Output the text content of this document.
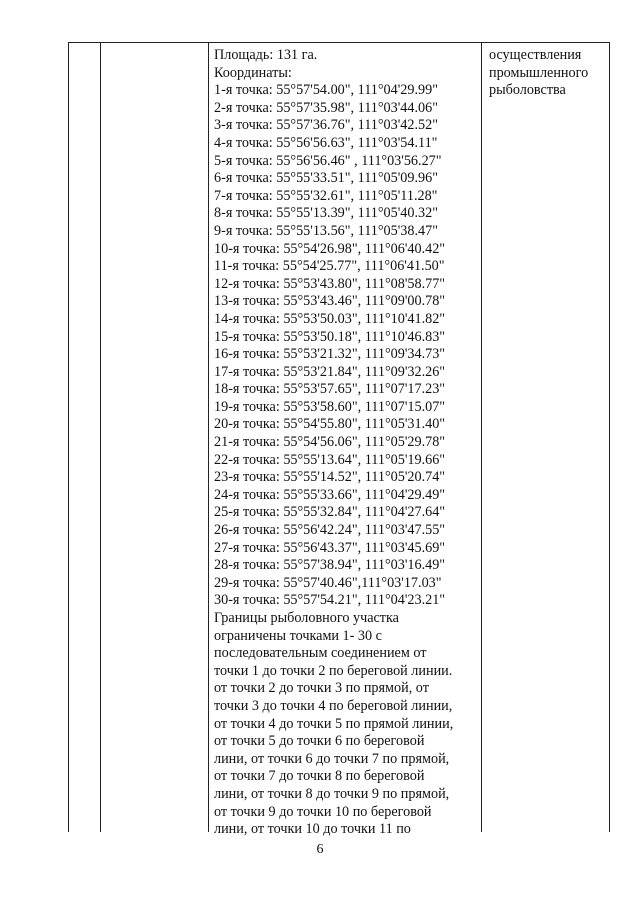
Площадь: 131 га.
Координаты:
1-я точка: 55°57'54.00", 111°04'29.99"
2-я точка: 55°57'35.98", 111°03'44.06"
3-я точка: 55°57'36.76", 111°03'42.52"
4-я точка: 55°56'56.63", 111°03'54.11"
5-я точка: 55°56'56.46" , 111°03'56.27"
6-я точка: 55°55'33.51", 111°05'09.96"
7-я точка: 55°55'32.61", 111°05'11.28"
8-я точка: 55°55'13.39", 111°05'40.32"
9-я точка: 55°55'13.56", 111°05'38.47"
10-я точка: 55°54'26.98", 111°06'40.42"
11-я точка: 55°54'25.77", 111°06'41.50"
12-я точка: 55°53'43.80", 111°08'58.77"
13-я точка: 55°53'43.46", 111°09'00.78"
14-я точка: 55°53'50.03", 111°10'41.82"
15-я точка: 55°53'50.18", 111°10'46.83"
16-я точка: 55°53'21.32", 111°09'34.73"
17-я точка: 55°53'21.84", 111°09'32.26"
18-я точка: 55°53'57.65", 111°07'17.23"
19-я точка: 55°53'58.60", 111°07'15.07"
20-я точка: 55°54'55.80", 111°05'31.40"
21-я точка: 55°54'56.06", 111°05'29.78"
22-я точка: 55°55'13.64", 111°05'19.66"
23-я точка: 55°55'14.52", 111°05'20.74"
24-я точка: 55°55'33.66", 111°04'29.49"
25-я точка: 55°55'32.84", 111°04'27.64"
26-я точка: 55°56'42.24", 111°03'47.55"
27-я точка: 55°56'43.37", 111°03'45.69"
28-я точка: 55°57'38.94", 111°03'16.49"
29-я точка: 55°57'40.46",111°03'17.03"
30-я точка: 55°57'54.21", 111°04'23.21"
Границы рыболовного участка
ограничены точками 1- 30 с
последовательным соединением от
точки 1 до точки 2 по береговой линии.
от точки 2 до точки 3 по прямой, от
точки 3 до точки 4 по береговой линии,
от точки 4 до точки 5 по прямой линии,
от точки 5 до точки 6 по береговой
лини, от точки 6 до точки 7 по прямой,
от точки 7 до точки 8 по береговой
лини, от точки 8 до точки 9 по прямой,
от точки 9 до точки 10 по береговой
лини, от точки 10 до точки 11 по
осуществления
промышленного
рыболовства
6
